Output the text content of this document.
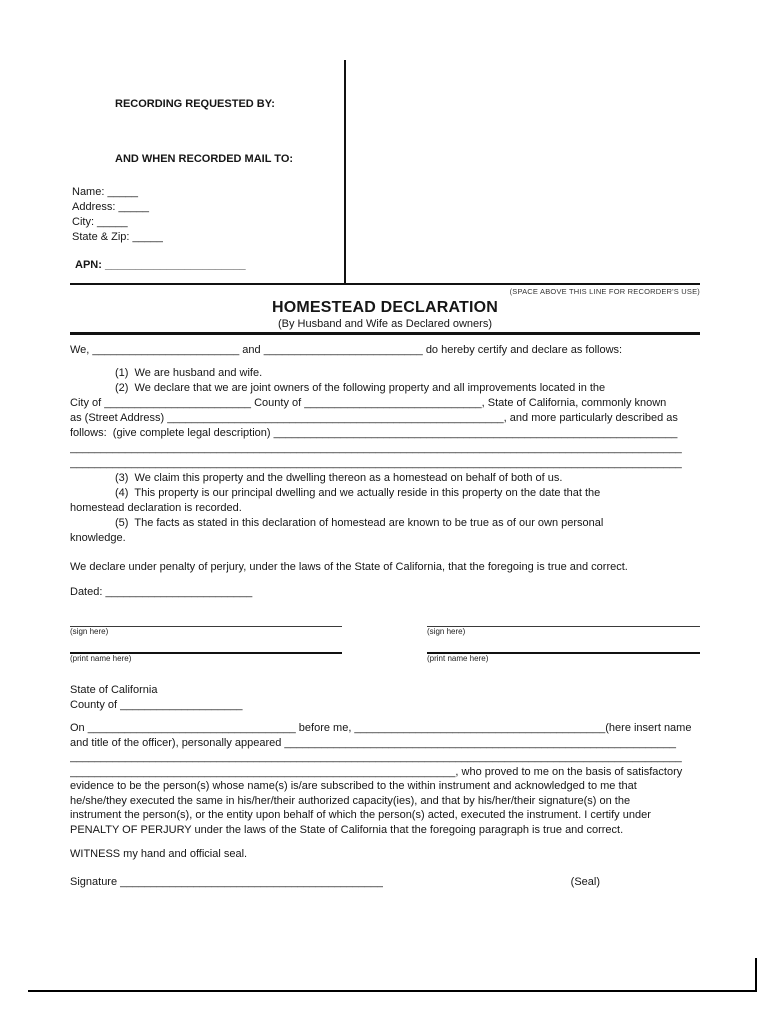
RECORDING REQUESTED BY:
AND WHEN RECORDED MAIL TO:
Name: _____
Address: _____
City: _____
State & Zip: _____
APN: _______________________
(SPACE ABOVE THIS LINE FOR RECORDER'S USE)
HOMESTEAD DECLARATION
(By Husband and Wife as Declared owners)
We, ________________________ and __________________________ do hereby certify and declare as follows:
(1)  We are husband and wife.
(2)  We declare that we are joint owners of the following property and all improvements located in the
City of ________________________ County of _____________________________, State of California, commonly known
as (Street Address) _______________________________________________________, and more particularly described as
follows:  (give complete legal description) __________________________________________________________________
____________________________________________________________________________________________________
____________________________________________________________________________________________________
(3)  We claim this property and the dwelling thereon as a homestead on behalf of both of us.
(4)  This property is our principal dwelling and we actually reside in this property on the date that the
homestead declaration is recorded.
(5)  The facts as stated in this declaration of homestead are known to be true as of our own personal
knowledge.
We declare under penalty of perjury, under the laws of the State of California, that the foregoing is true and correct.
Dated: ________________________
(sign here)
(print name here)
(sign here)
(print name here)
State of California
County of ____________________
On __________________________________ before me, _________________________________________(here insert name
and title of the officer), personally appeared ________________________________________________________________
____________________________________________________________________________________________________
_______________________________________________________________, who proved to me on the basis of satisfactory
evidence to be the person(s) whose name(s) is/are subscribed to the within instrument and acknowledged to me that
he/she/they executed the same in his/her/their authorized capacity(ies), and that by his/her/their signature(s) on the
instrument the person(s), or the entity upon behalf of which the person(s) acted, executed the instrument. I certify under
PENALTY OF PERJURY under the laws of the State of California that the foregoing paragraph is true and correct.
WITNESS my hand and official seal.
Signature ___________________________________________	(Seal)
